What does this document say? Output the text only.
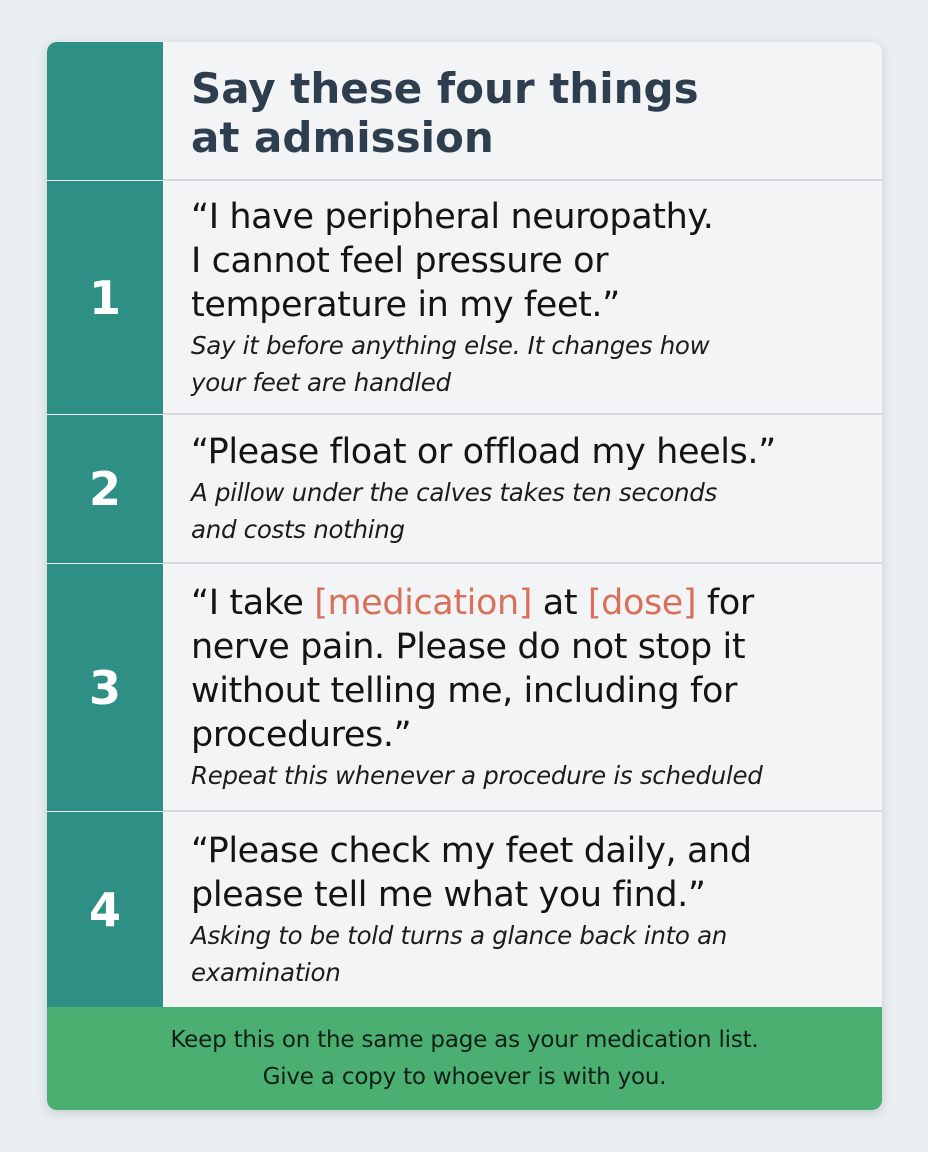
Say these four things
at admission
1
“I have peripheral neuropathy.
I cannot feel pressure or
temperature in my feet.”
Say it before anything else. It changes how
your feet are handled
2
“Please float or offload my heels.”
A pillow under the calves takes ten seconds
and costs nothing
3
“I take [medication] at [dose] for
nerve pain. Please do not stop it
without telling me, including for
procedures.”
Repeat this whenever a procedure is scheduled
4
“Please check my feet daily, and
please tell me what you find.”
Asking to be told turns a glance back into an
examination
Keep this on the same page as your medication list.
Give a copy to whoever is with you.
